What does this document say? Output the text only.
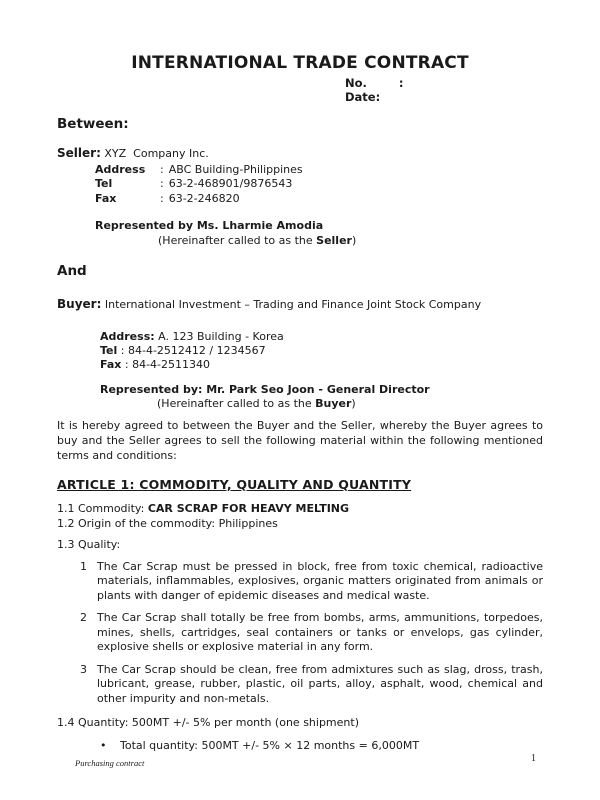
INTERNATIONAL TRADE CONTRACT
No.	:
Date:
Between:
Seller: XYZ  Company Inc.
Address	: ABC Building-Philippines
Tel	: 63-2-468901/9876543
Fax	: 63-2-246820
Represented by Ms. Lharmie Amodia
(Hereinafter called to as the Seller)
And
Buyer: International Investment – Trading and Finance Joint Stock Company
Address: A. 123 Building - Korea
Tel : 84-4-2512412 / 1234567
Fax : 84-4-2511340
Represented by: Mr. Park Seo Joon - General Director
(Hereinafter called to as the Buyer)

It is hereby agreed to between the Buyer and the Seller, whereby the Buyer agrees to buy and the Seller agrees to sell the following material within the following mentioned terms and conditions:

ARTICLE 1: COMMODITY, QUALITY AND QUANTITY
1.1 Commodity: CAR SCRAP FOR HEAVY MELTING
1.2 Origin of the commodity: Philippines
1.3 Quality:
1 The Car Scrap must be pressed in block, free from toxic chemical, radioactive materials, inflammables, explosives, organic matters originated from animals or plants with danger of epidemic diseases and medical waste.
2 The Car Scrap shall totally be free from bombs, arms, ammunitions, torpedoes, mines, shells, cartridges, seal containers or tanks or envelops, gas cylinder, explosive shells or explosive material in any form.
3 The Car Scrap should be clean, free from admixtures such as slag, dross, trash, lubricant, grease, rubber, plastic, oil parts, alloy, asphalt, wood, chemical and other impurity and non-metals.
1.4 Quantity: 500MT +/- 5% per month (one shipment)
•	Total quantity: 500MT +/- 5% × 12 months = 6,000MT
Purchasing contract	1
